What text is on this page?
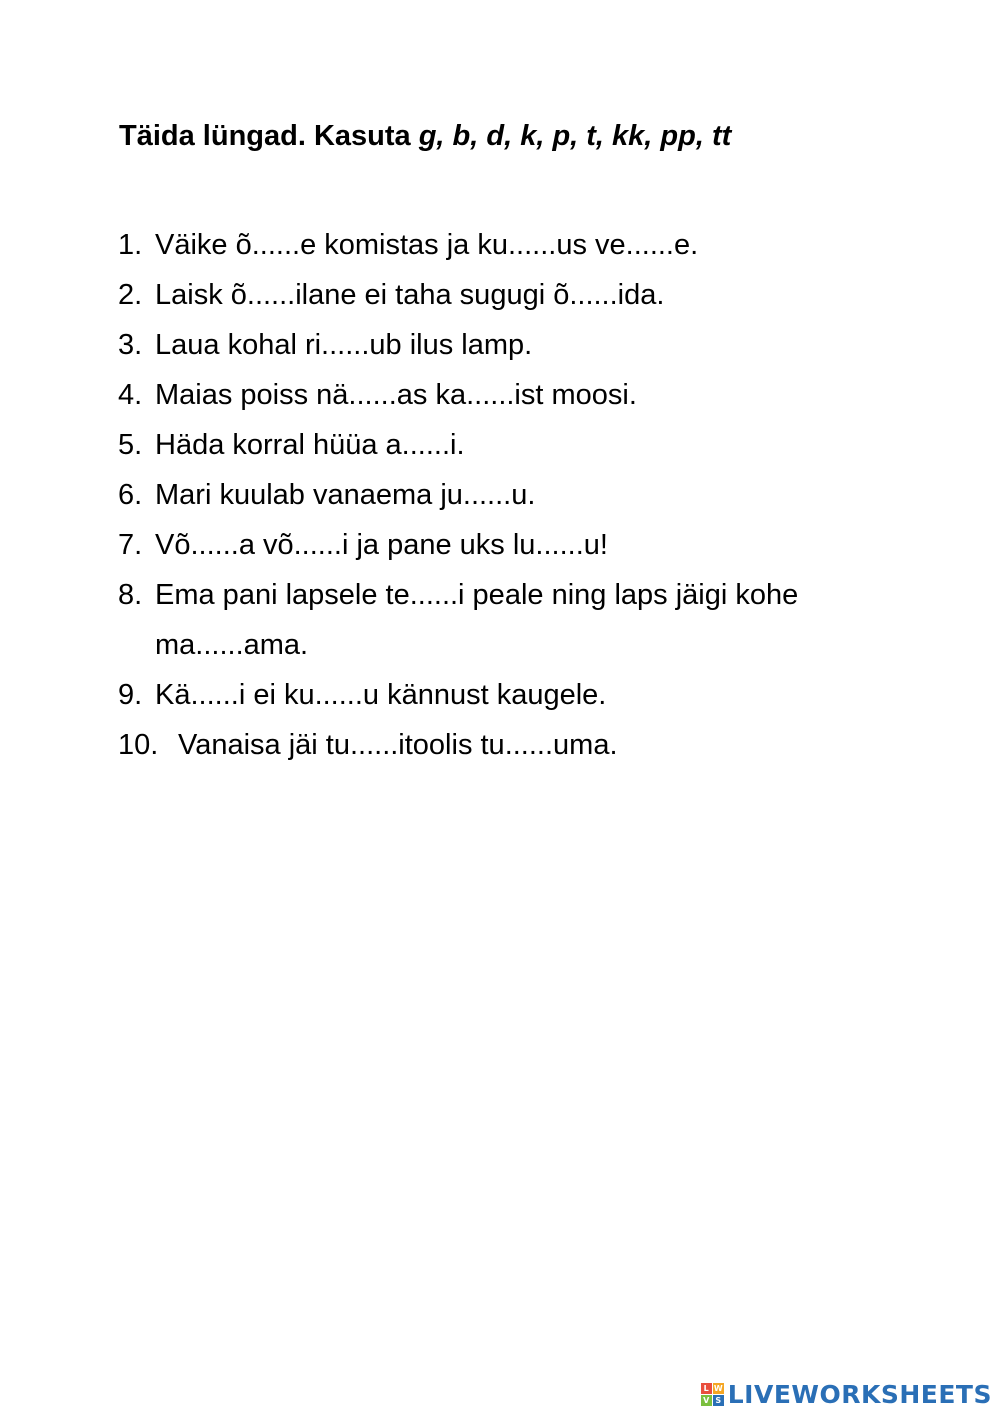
Täida lüngad. Kasuta g, b, d, k, p, t, kk, pp, tt
1. Väike õ......e komistas ja ku......us ve......e.
2. Laisk õ......ilane ei taha sugugi õ......ida.
3. Laua kohal ri......ub ilus lamp.
4. Maias poiss nä......as ka......ist moosi.
5. Häda korral hüüa a......i.
6. Mari kuulab vanaema ju......u.
7. Võ......a võ......i ja pane uks lu......u!
8. Ema pani lapsele te......i peale ning laps jäigi kohe ma......ama.
9. Kä......i ei ku......u kännust kaugele.
10. Vanaisa jäi tu......itoolis tu......uma.
L W
V S LIVEWORKSHEETS
